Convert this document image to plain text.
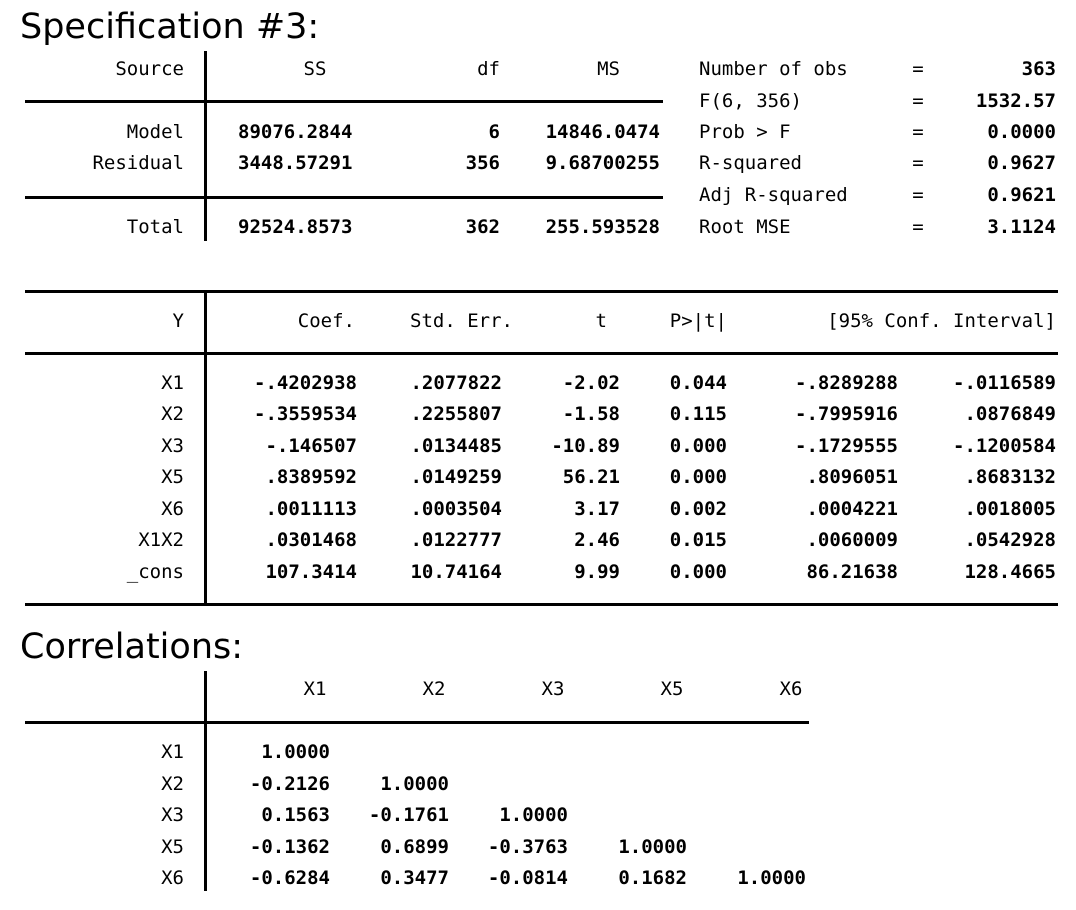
Specification #3:
Correlations:
Source	SS	df	MS
Model	89076.2844	6	14846.0474
Residual	3448.57291	356	9.68700255
Total	92524.8573	362	255.593528
Number of obs	=	363
F(6, 356)	=	1532.57
Prob > F	=	0.0000
R-squared	=	0.9627
Adj R-squared	=	0.9621
Root MSE	=	3.1124
Y	Coef.	Std. Err.	t	P>|t|	[95% Conf. Interval]
X1	-.4202938	.2077822	-2.02	0.044	-.8289288	-.0116589
X2	-.3559534	.2255807	-1.58	0.115	-.7995916	.0876849
X3	-.146507	.0134485	-10.89	0.000	-.1729555	-.1200584
X5	.8389592	.0149259	56.21	0.000	.8096051	.8683132
X6	.0011113	.0003504	3.17	0.002	.0004221	.0018005
X1X2	.0301468	.0122777	2.46	0.015	.0060009	.0542928
_cons	107.3414	10.74164	9.99	0.000	86.21638	128.4665
X1	X2	X3	X5	X6
X1	1.0000
X2	-0.2126	1.0000
X3	0.1563	-0.1761	1.0000
X5	-0.1362	0.6899	-0.3763	1.0000
X6	-0.6284	0.3477	-0.0814	0.1682	1.0000
